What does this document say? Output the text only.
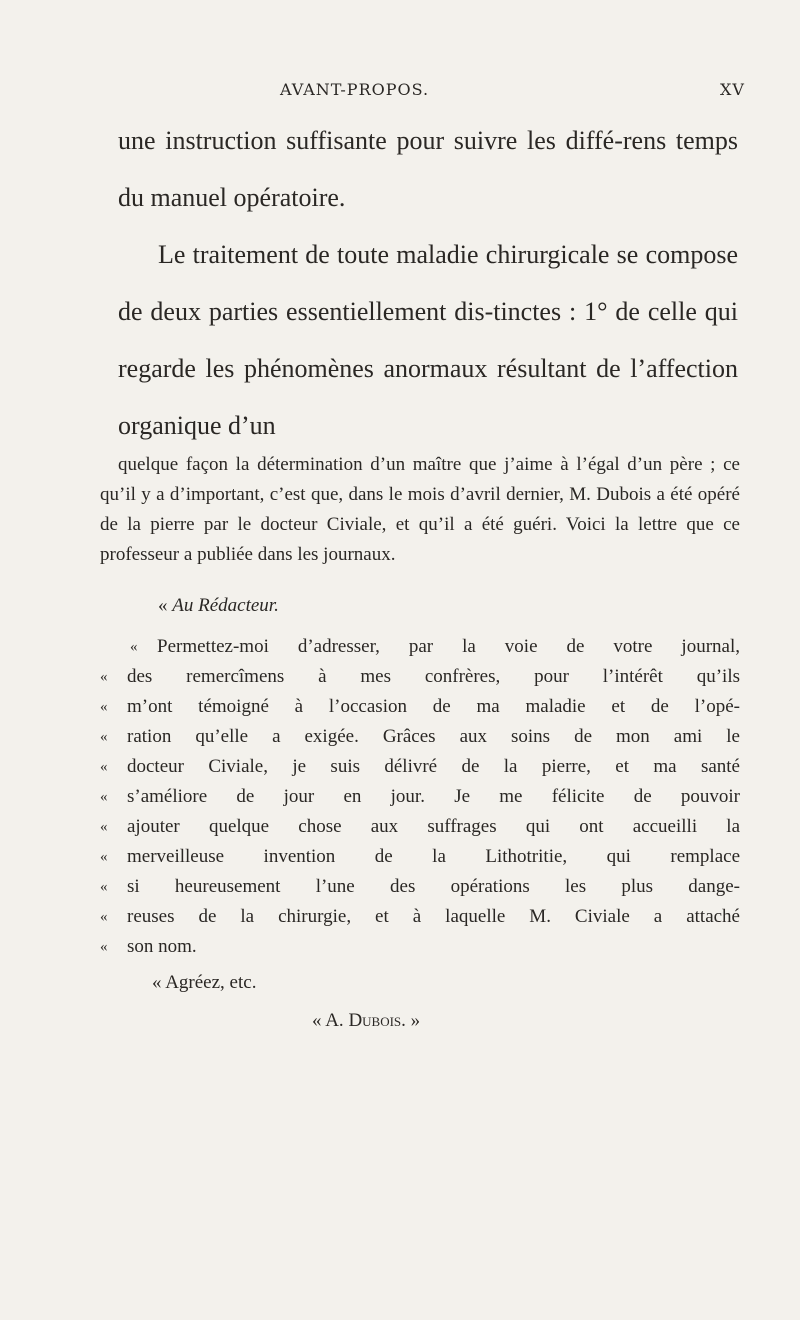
AVANT-PROPOS.	XV

une instruction suffisante pour suivre les diffé-rens temps du manuel opératoire.

Le traitement de toute maladie chirurgicale se compose de deux parties essentiellement dis-tinctes : 1° de celle qui regarde les phénomènes anormaux résultant de l’affection organique d’un

quelque façon la détermination d’un maître que j’aime à l’égal d’un père ; ce qu’il y a d’important, c’est que, dans le mois d’avril dernier, M. Dubois a été opéré de la pierre par le docteur Civiale, et qu’il a été guéri. Voici la lettre que ce professeur a publiée dans les journaux.

« Au Rédacteur.
« Permettez-moi d’adresser, par la voie de votre journal,
« des remercîmens à mes confrères, pour l’intérêt qu’ils
« m’ont témoigné à l’occasion de ma maladie et de l’opé-
« ration qu’elle a exigée. Grâces aux soins de mon ami le
« docteur Civiale, je suis délivré de la pierre, et ma santé
« s’améliore de jour en jour. Je me félicite de pouvoir
« ajouter quelque chose aux suffrages qui ont accueilli la
« merveilleuse invention de la Lithotritie, qui remplace
« si heureusement l’une des opérations les plus dange-
« reuses de la chirurgie, et à laquelle M. Civiale a attaché
« son nom.
« Agréez, etc.
« A. Dubois. »
